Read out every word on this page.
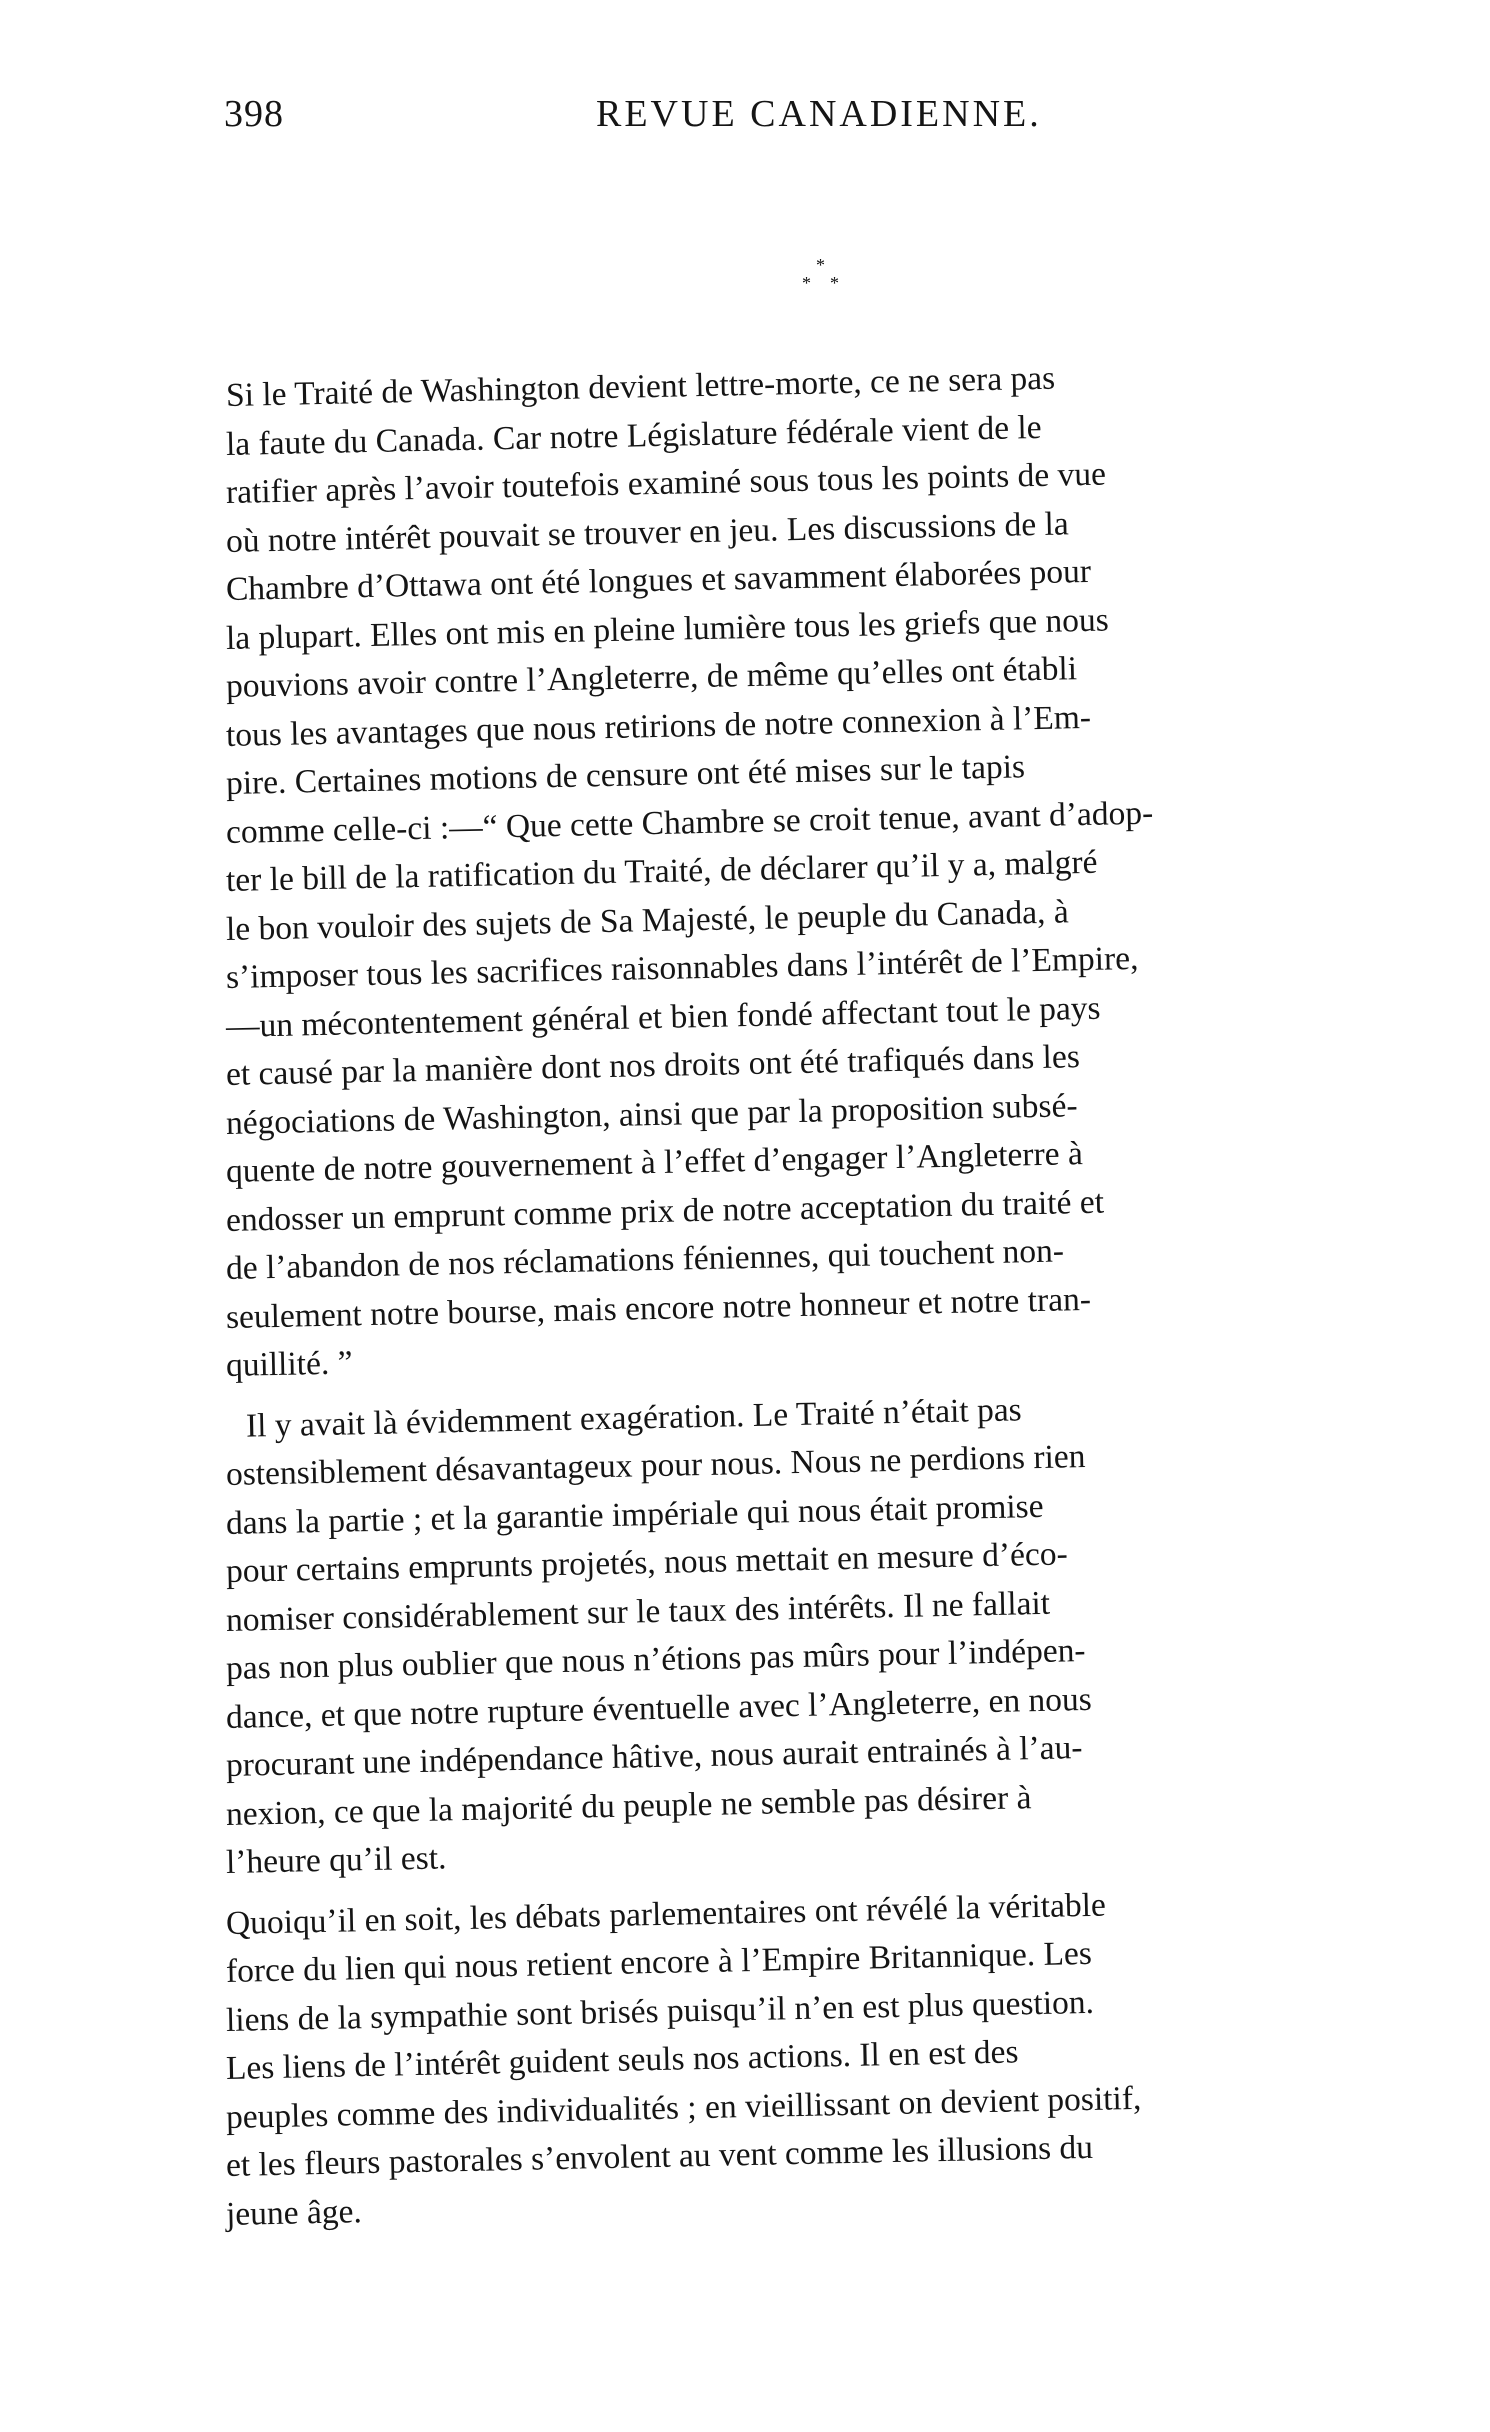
398	REVUE CANADIENNE.
*
* *
Si le Traité de Washington devient lettre-morte, ce ne sera pas
la faute du Canada. Car notre Législature fédérale vient de le
ratifier après l’avoir toutefois examiné sous tous les points de vue
où notre intérêt pouvait se trouver en jeu. Les discussions de la
Chambre d’Ottawa ont été longues et savamment élaborées pour
la plupart. Elles ont mis en pleine lumière tous les griefs que nous
pouvions avoir contre l’Angleterre, de même qu’elles ont établi
tous les avantages que nous retirions de notre connexion à l’Em-
pire. Certaines motions de censure ont été mises sur le tapis
comme celle-ci :—“ Que cette Chambre se croit tenue, avant d’adop-
ter le bill de la ratification du Traité, de déclarer qu’il y a, malgré
le bon vouloir des sujets de Sa Majesté, le peuple du Canada, à
s’imposer tous les sacrifices raisonnables dans l’intérêt de l’Empire,
—un mécontentement général et bien fondé affectant tout le pays
et causé par la manière dont nos droits ont été trafiqués dans les
négociations de Washington, ainsi que par la proposition subsé-
quente de notre gouvernement à l’effet d’engager l’Angleterre à
endosser un emprunt comme prix de notre acceptation du traité et
de l’abandon de nos réclamations féniennes, qui touchent non-
seulement notre bourse, mais encore notre honneur et notre tran-
quillité. ”
Il y avait là évidemment exagération. Le Traité n’était pas
ostensiblement désavantageux pour nous. Nous ne perdions rien
dans la partie ; et la garantie impériale qui nous était promise
pour certains emprunts projetés, nous mettait en mesure d’éco-
nomiser considérablement sur le taux des intérêts. Il ne fallait
pas non plus oublier que nous n’étions pas mûrs pour l’indépen-
dance, et que notre rupture éventuelle avec l’Angleterre, en nous
procurant une indépendance hâtive, nous aurait entrainés à l’au-
nexion, ce que la majorité du peuple ne semble pas désirer à
l’heure qu’il est.
Quoiqu’il en soit, les débats parlementaires ont révélé la véritable
force du lien qui nous retient encore à l’Empire Britannique. Les
liens de la sympathie sont brisés puisqu’il n’en est plus question.
Les liens de l’intérêt guident seuls nos actions. Il en est des
peuples comme des individualités ; en vieillissant on devient positif,
et les fleurs pastorales s’envolent au vent comme les illusions du
jeune âge.
